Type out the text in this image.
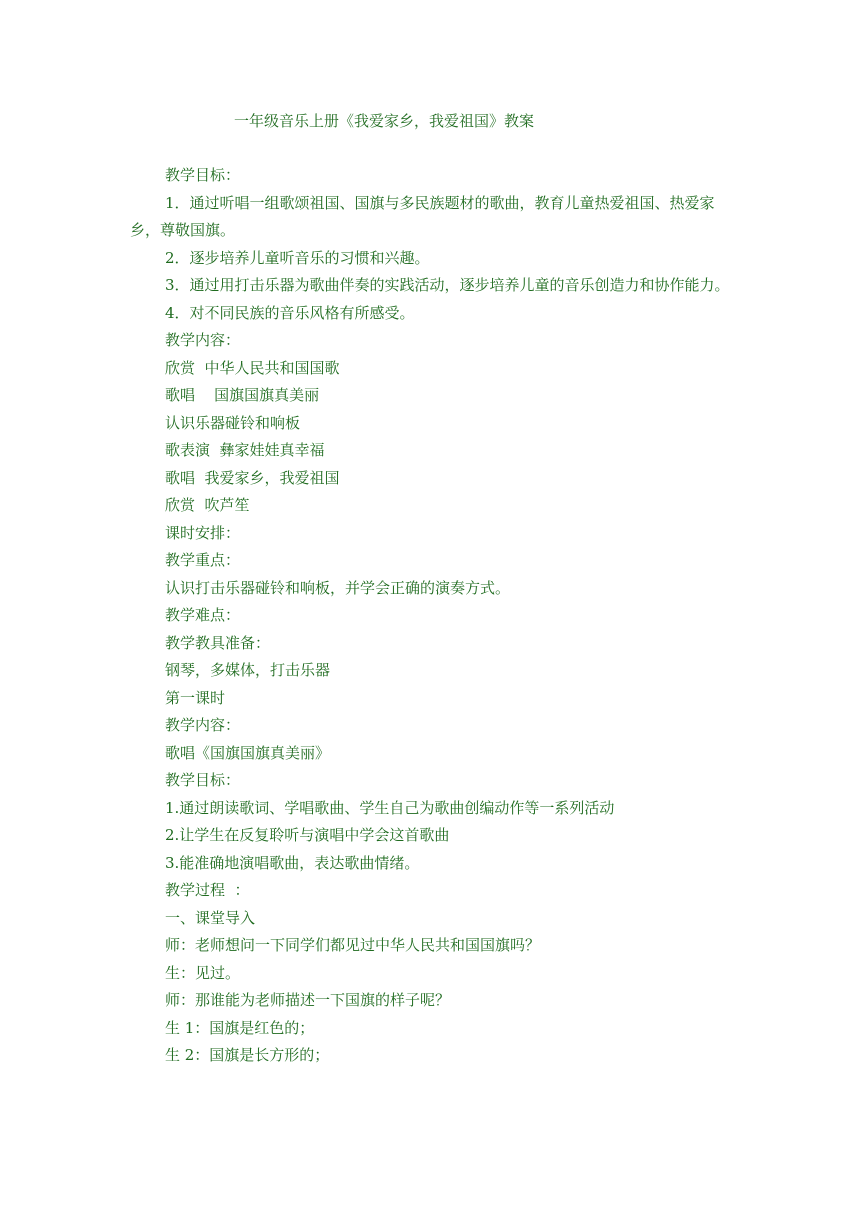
一年级音乐上册《我爱家乡，我爱祖国》教案

教学目标：

1．通过听唱一组歌颂祖国、国旗与多民族题材的歌曲，教育儿童热爱祖国、热爱家乡，尊敬国旗。

2．逐步培养儿童听音乐的习惯和兴趣。

3．通过用打击乐器为歌曲伴奏的实践活动，逐步培养儿童的音乐创造力和协作能力。

4．对不同民族的音乐风格有所感受。

教学内容：

欣赏  中华人民共和国国歌

歌唱    国旗国旗真美丽

认识乐器碰铃和响板

歌表演  彝家娃娃真幸福

歌唱  我爱家乡，我爱祖国

欣赏  吹芦笙

课时安排：

教学重点：

认识打击乐器碰铃和响板，并学会正确的演奏方式。

教学难点：

教学教具准备：

钢琴，多媒体，打击乐器

第一课时

教学内容：

歌唱《国旗国旗真美丽》

教学目标：

1.通过朗读歌词、学唱歌曲、学生自己为歌曲创编动作等一系列活动

2.让学生在反复聆听与演唱中学会这首歌曲

3.能准确地演唱歌曲，表达歌曲情绪。

教学过程  ：

一、课堂导入

师：老师想问一下同学们都见过中华人民共和国国旗吗？

生：见过。

师：那谁能为老师描述一下国旗的样子呢？

生 1：国旗是红色的；

生 2：国旗是长方形的；
